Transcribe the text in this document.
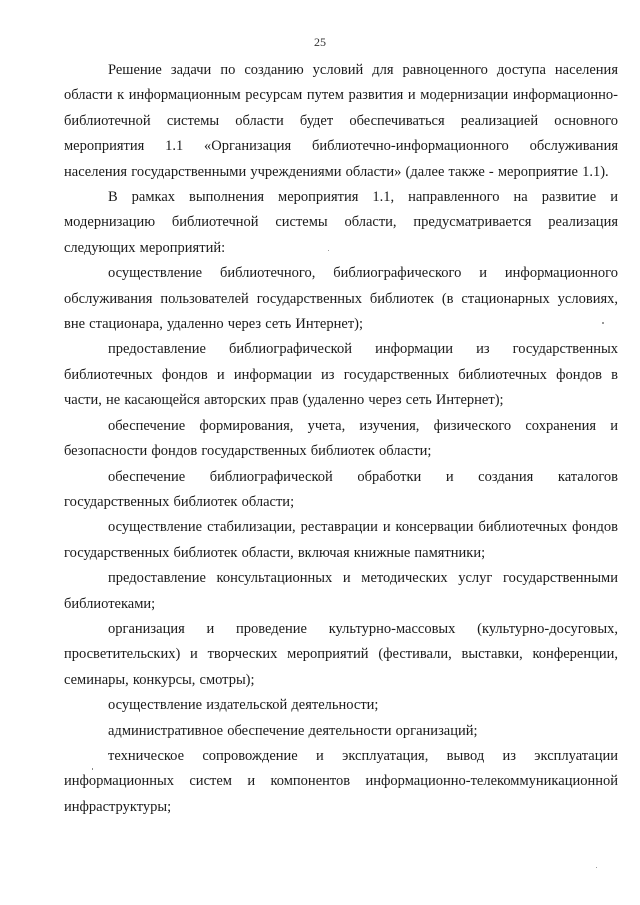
25

Решение задачи по созданию условий для равноценного доступа населения области к информационным ресурсам путем развития и модернизации информационно-библиотечной системы области будет обеспечиваться реализацией основного мероприятия 1.1 «Организация библиотечно-информационного обслуживания населения государственными учреждениями области» (далее также - мероприятие 1.1).

В рамках выполнения мероприятия 1.1, направленного на развитие и модернизацию библиотечной системы области, предусматривается реализация следующих мероприятий:

осуществление библиотечного, библиографического и информационного обслуживания пользователей государственных библиотек (в стационарных условиях, вне стационара, удаленно через сеть Интернет);

предоставление библиографической информации из государственных библиотечных фондов и информации из государственных библиотечных фондов в части, не касающейся авторских прав (удаленно через сеть Интернет);

обеспечение формирования, учета, изучения, физического сохранения и безопасности фондов государственных библиотек области;

обеспечение библиографической обработки и создания каталогов государственных библиотек области;

осуществление стабилизации, реставрации и консервации библиотечных фондов государственных библиотек области, включая книжные памятники;

предоставление консультационных и методических услуг государственными библиотеками;

организация и проведение культурно-массовых (культурно-досуговых, просветительских) и творческих мероприятий (фестивали, выставки, конференции, семинары, конкурсы, смотры);

осуществление издательской деятельности;

административное обеспечение деятельности организаций;

техническое сопровождение и эксплуатация, вывод из эксплуатации информационных систем и компонентов информационно-телекоммуникационной инфраструктуры;
